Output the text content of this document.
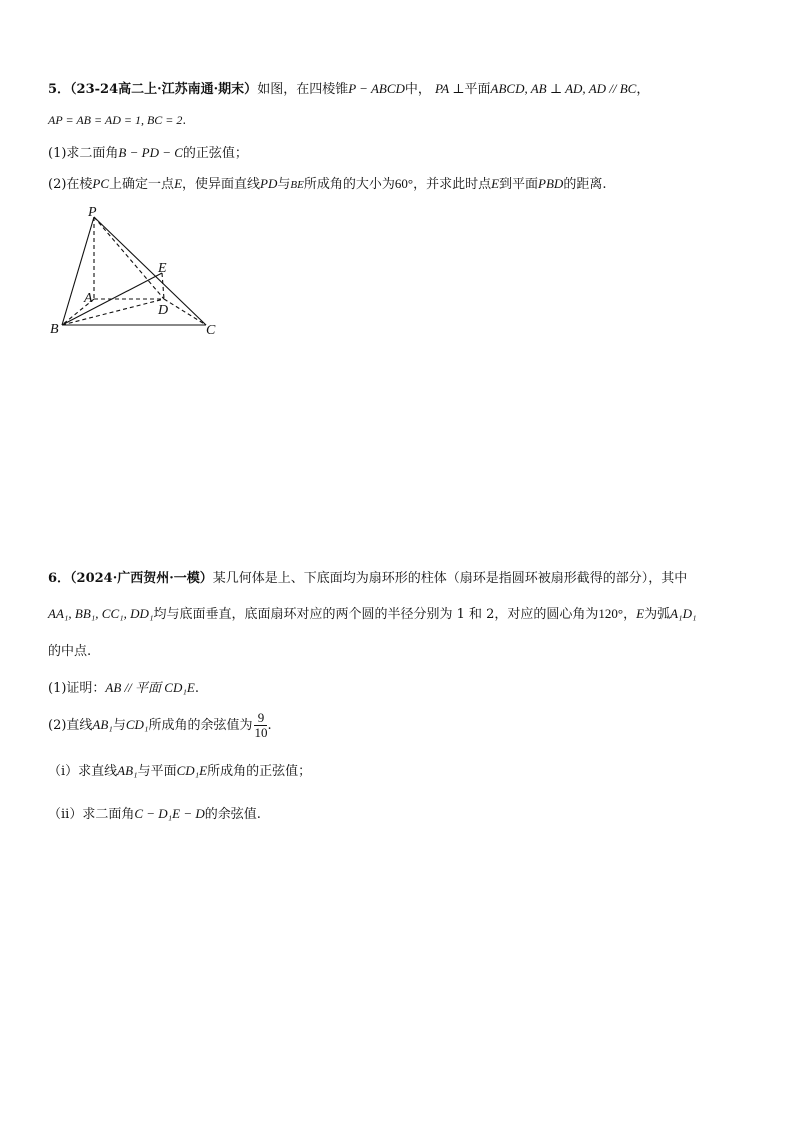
5．（23-24高二上·江苏南通·期末）如图，在四棱锥P − ABCD中， PA ⊥平面ABCD, AB ⊥ AD, AD // BC，
AP = AB = AD = 1, BC = 2.
(1)求二面角B − PD − C的正弦值；
(2)在棱PC上确定一点E，使异面直线PD与BE所成角的大小为60°，并求此时点E到平面PBD的距离.
P
A
B	C
D
E
6．（2024·广西贺州·一模）某几何体是上、下底面均为扇环形的柱体（扇环是指圆环被扇形截得的部分），其中
AA₁, BB₁, CC₁, DD₁均与底面垂直，底面扇环对应的两个圆的半径分别为 1 和 2，对应的圆心角为120°，E为弧A₁D₁
的中点.
(1)证明：AB // 平面 CD₁E.
(2)直线AB₁与CD₁所成角的余弦值为 $\frac{9}{10}$ .
（i）求直线AB₁与平面CD₁E所成角的正弦值；
（ii）求二面角C − D₁E − D的余弦值.
